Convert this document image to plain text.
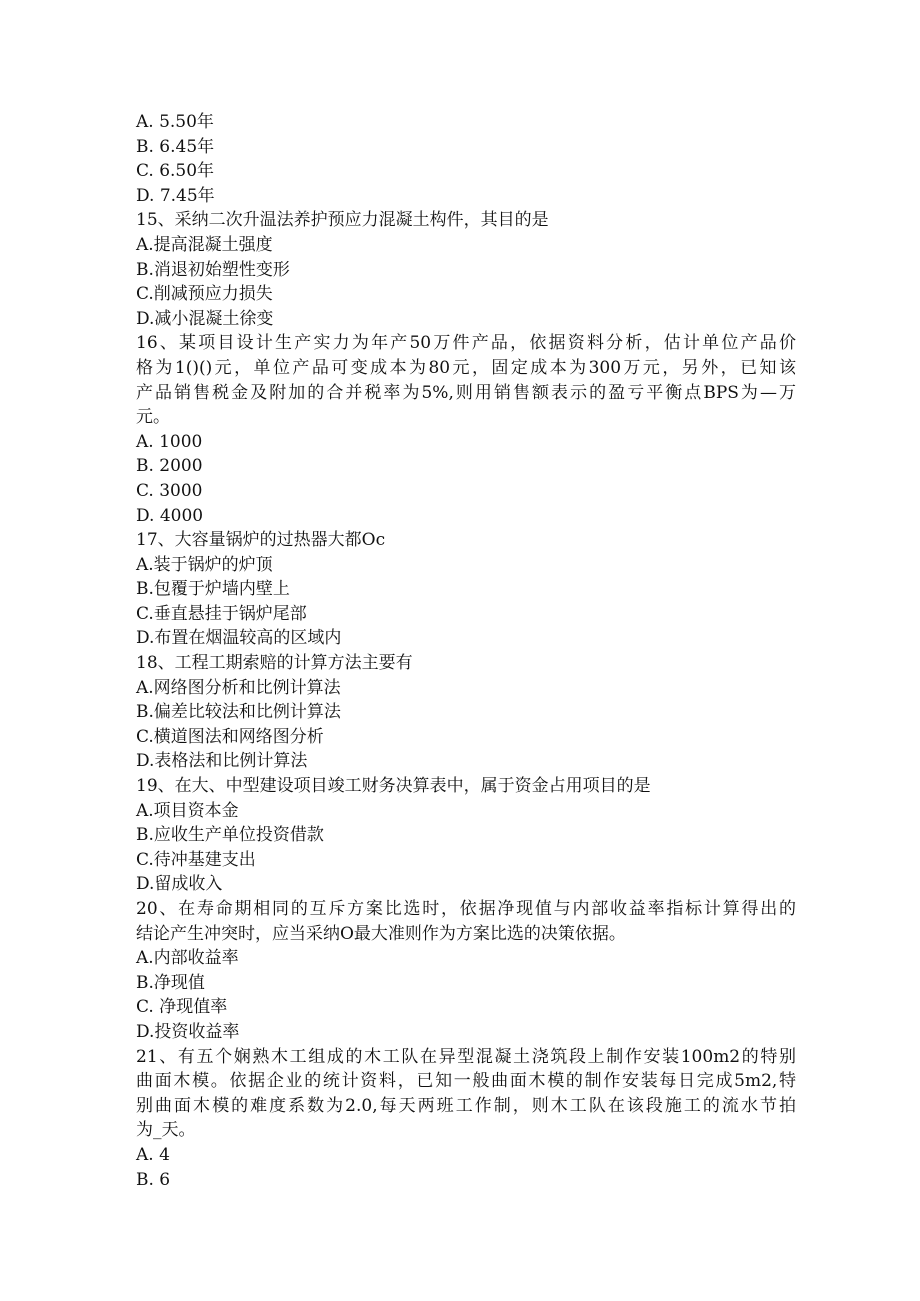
A. 5.50年
B. 6.45年
C. 6.50年
D. 7.45年
15、采纳二次升温法养护预应力混凝土构件，其目的是
A.提高混凝土强度
B.消退初始塑性变形
C.削减预应力损失
D.减小混凝土徐变
16、某项目设计生产实力为年产50万件产品，依据资料分析，估计单位产品价
格为1()()元，单位产品可变成本为80元，固定成本为300万元，另外，已知该
产品销售税金及附加的合并税率为5%,则用销售额表示的盈亏平衡点BPS为—万
元。
A. 1000
B. 2000
C. 3000
D. 4000
17、大容量锅炉的过热器大都Oc
A.装于锅炉的炉顶
B.包覆于炉墙内壁上
C.垂直悬挂于锅炉尾部
D.布置在烟温较高的区域内
18、工程工期索赔的计算方法主要有
A.网络图分析和比例计算法
B.偏差比较法和比例计算法
C.横道图法和网络图分析
D.表格法和比例计算法
19、在大、中型建设项目竣工财务决算表中，属于资金占用项目的是
A.项目资本金
B.应收生产单位投资借款
C.待冲基建支出
D.留成收入
20、在寿命期相同的互斥方案比选时，依据净现值与内部收益率指标计算得出的
结论产生冲突时，应当采纳O最大准则作为方案比选的决策依据。
A.内部收益率
B.净现值
C. 净现值率
D.投资收益率
21、有五个娴熟木工组成的木工队在异型混凝土浇筑段上制作安装100m2的特别
曲面木模。依据企业的统计资料，已知一般曲面木模的制作安装每日完成5m2,特
别曲面木模的难度系数为2.0,每天两班工作制，则木工队在该段施工的流水节拍
为_天。
A. 4
B. 6
